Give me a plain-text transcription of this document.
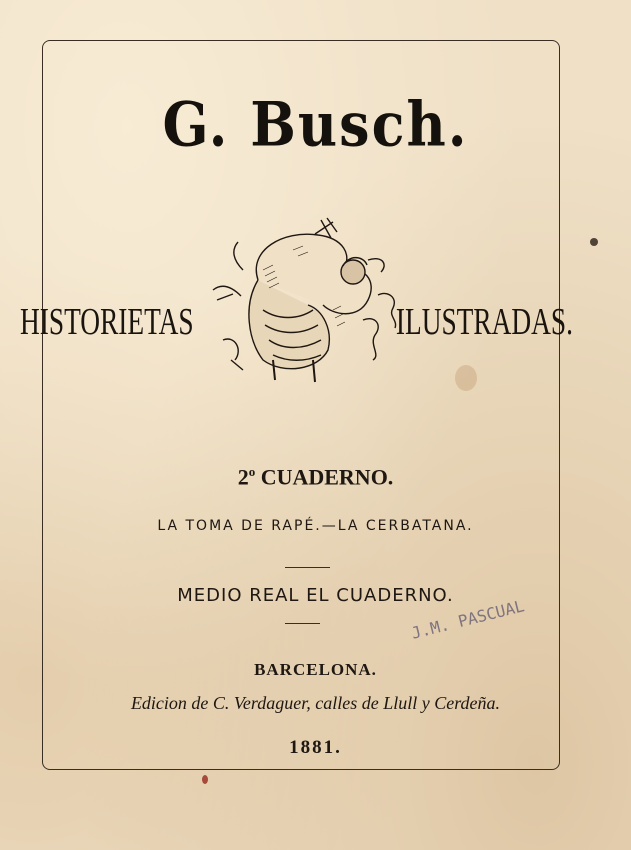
G. Busch.
HISTORIETAS	ILUSTRADAS.
2$^o$ CUADERNO.
LA TOMA DE RAPÉ.—LA CERBATANA.
MEDIO REAL EL CUADERNO.
J.M. PASCUAL
BARCELONA.
Edicion de C. Verdaguer, calles de Llull y Cerdeña.
1881.
